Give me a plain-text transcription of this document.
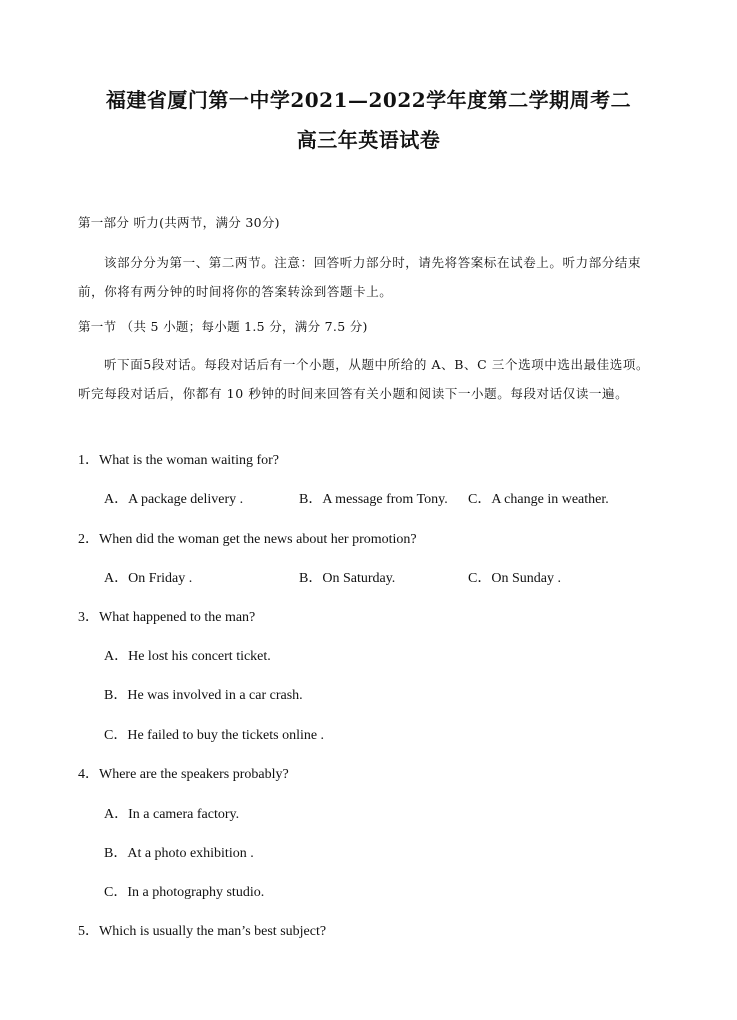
福建省厦门第一中学2021—2022学年度第二学期周考二
高三年英语试卷
第一部分 听力(共两节，满分 30分)
该部分分为第一、第二两节。注意：回答听力部分时，请先将答案标在试卷上。听力部分结束前，你将有两分钟的时间将你的答案转涂到答题卡上。
第一节 （共 5 小题；每小题 1.5 分，满分 7.5 分)
听下面5段对话。每段对话后有一个小题，从题中所给的 A、B、C 三个选项中选出最佳选项。听完每段对话后，你都有 10 秒钟的时间来回答有关小题和阅读下一小题。每段对话仅读一遍。
1．What is the woman waiting for?
A．A package delivery .	B．A message from Tony. C．A change in weather.
2．When did the woman get the news about her promotion?
A．On Friday .	B．On Saturday.	C．On Sunday .
3．What happened to the man?
A．He lost his concert ticket.
B．He was involved in a car crash.
C．He failed to buy the tickets online .
4．Where are the speakers probably?
A．In a camera factory.
B．At a photo exhibition .
C．In a photography studio.
5．Which is usually the man’s best subject?
